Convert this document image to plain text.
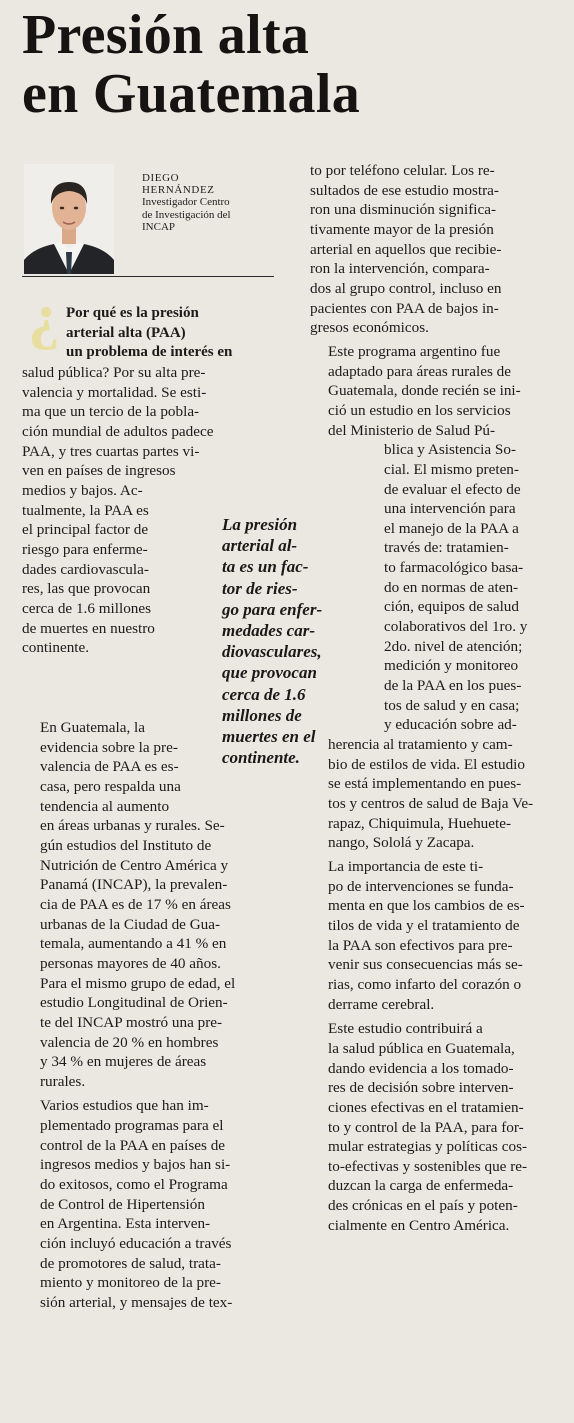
Presión alta
en Guatemala
DIEGO
HERNÁNDEZ
Investigador Centro
de Investigación del
INCAP
¿ Por qué es la presión
arterial alta (PAA)
un problema de interés en
salud pública? Por su alta pre-
valencia y mortalidad. Se esti-
ma que un tercio de la pobla-
ción mundial de adultos padece
PAA, y tres cuartas partes vi-
ven en países de ingresos
medios y bajos. Ac-
tualmente, la PAA es
el principal factor de
riesgo para enferme-
dades cardiovascula-
res, las que provocan
cerca de 1.6 millones
de muertes en nuestro
continente.

En Guatemala, la
evidencia sobre la pre-
valencia de PAA es es-
casa, pero respalda una
tendencia al aumento
en áreas urbanas y rurales. Se-
gún estudios del Instituto de
Nutrición de Centro América y
Panamá (INCAP), la prevalen-
cia de PAA es de 17 % en áreas
urbanas de la Ciudad de Gua-
temala, aumentando a 41 % en
personas mayores de 40 años.
Para el mismo grupo de edad, el
estudio Longitudinal de Orien-
te del INCAP mostró una pre-
valencia de 20 % en hombres
y 34 % en mujeres de áreas
rurales.

Varios estudios que han im-
plementado programas para el
control de la PAA en países de
ingresos medios y bajos han si-
do exitosos, como el Programa
de Control de Hipertensión
en Argentina. Esta interven-
ción incluyó educación a través
de promotores de salud, trata-
miento y monitoreo de la pre-
sión arterial, y mensajes de tex-

La presión
arterial al-
ta es un fac-
tor de ries-
go para enfer-
medades car-
diovasculares,
que provocan
cerca de 1.6
millones de
muertes en el
continente.

to por teléfono celular. Los re-
sultados de ese estudio mostra-
ron una disminución significa-
tivamente mayor de la presión
arterial en aquellos que recibie-
ron la intervención, compara-
dos al grupo control, incluso en
pacientes con PAA de bajos in-
gresos económicos.

Este programa argentino fue
adaptado para áreas rurales de
Guatemala, donde recién se ini-
ció un estudio en los servicios
del Ministerio de Salud Pú-
blica y Asistencia So-
cial. El mismo preten-
de evaluar el efecto de
una intervención para
el manejo de la PAA a
través de: tratamien-
to farmacológico basa-
do en normas de aten-
ción, equipos de salud
colaborativos del 1ro. y
2do. nivel de atención;
medición y monitoreo
de la PAA en los pues-
tos de salud y en casa;
y educación sobre ad-
herencia al tratamiento y cam-
bio de estilos de vida. El estudio
se está implementando en pues-
tos y centros de salud de Baja Ve-
rapaz, Chiquimula, Huehuete-
nango, Sololá y Zacapa.

La importancia de este ti-
po de intervenciones se funda-
menta en que los cambios de es-
tilos de vida y el tratamiento de
la PAA son efectivos para pre-
venir sus consecuencias más se-
rias, como infarto del corazón o
derrame cerebral.

Este estudio contribuirá a
la salud pública en Guatemala,
dando evidencia a los tomado-
res de decisión sobre interven-
ciones efectivas en el tratamien-
to y control de la PAA, para for-
mular estrategias y políticas cos-
to-efectivas y sostenibles que re-
duzcan la carga de enfermeda-
des crónicas en el país y poten-
cialmente en Centro América.
